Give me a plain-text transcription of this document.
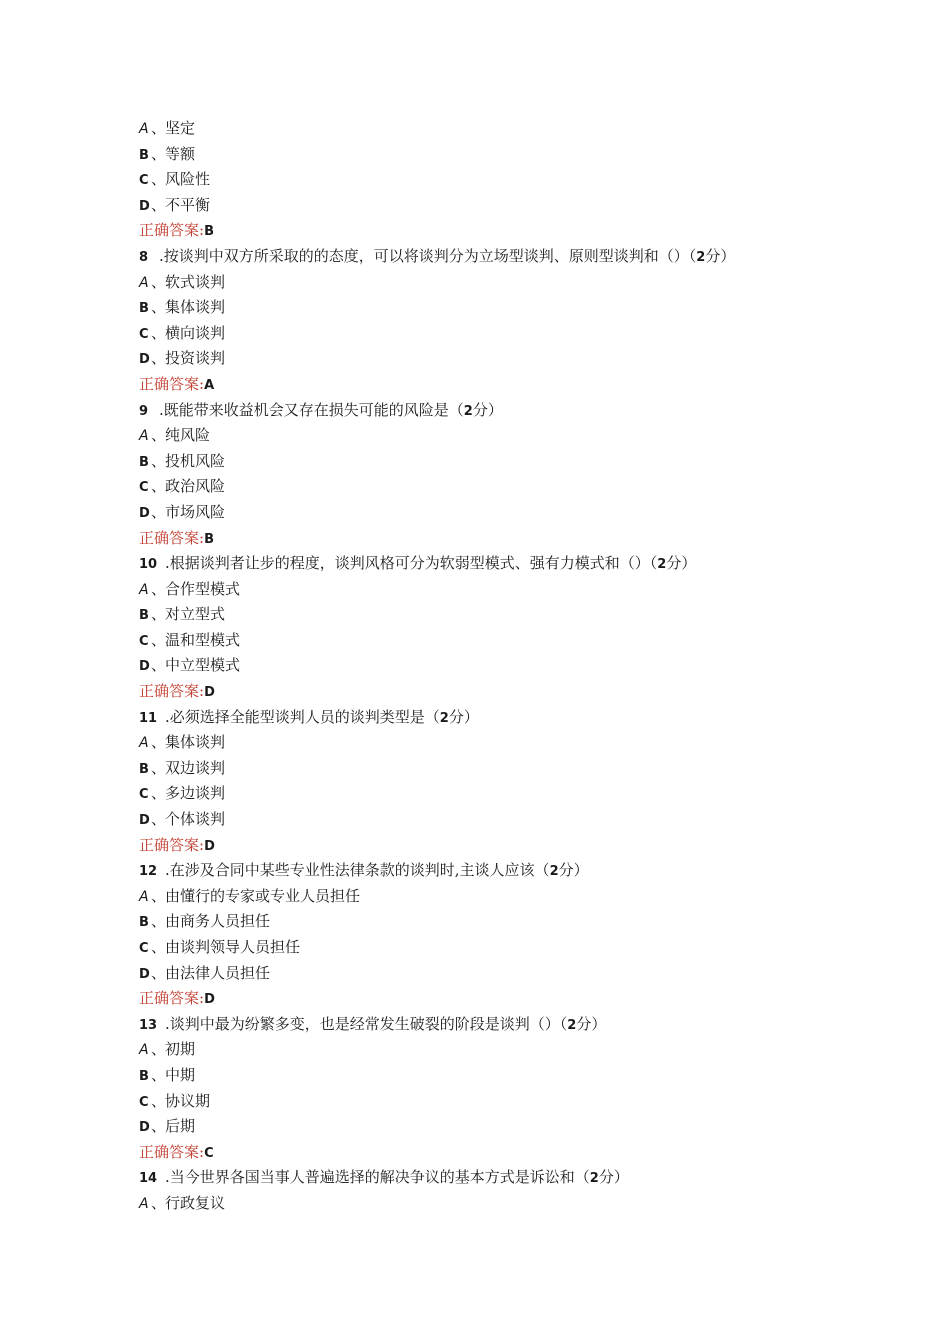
A 、坚定
B 、等额
C 、风险性
D、不平衡
正确答案:B
8 .按谈判中双方所采取的的态度，可以将谈判分为立场型谈判、原则型谈判和（）（2分）
A 、软式谈判
B 、集体谈判
C 、横向谈判
D、投资谈判
正确答案:A
9 .既能带来收益机会又存在损失可能的风险是（2分）
A 、纯风险
B 、投机风险
C 、政治风险
D、市场风险
正确答案:B
10 .根据谈判者让步的程度，谈判风格可分为软弱型模式、强有力模式和（）（2分）
A 、合作型模式
B 、对立型式
C 、温和型模式
D、中立型模式
正确答案:D
11 .必须选择全能型谈判人员的谈判类型是（2分）
A 、集体谈判
B 、双边谈判
C 、多边谈判
D、个体谈判
正确答案:D
12 .在涉及合同中某些专业性法律条款的谈判时,主谈人应该（2分）
A 、由懂行的专家或专业人员担任
B 、由商务人员担任
C 、由谈判领导人员担任
D、由法律人员担任
正确答案:D
13 .谈判中最为纷繁多变，也是经常发生破裂的阶段是谈判（）（2分）
A 、初期
B 、中期
C 、协议期
D、后期
正确答案:C
14 .当今世界各国当事人普遍选择的解决争议的基本方式是诉讼和（2分）
A 、行政复议
